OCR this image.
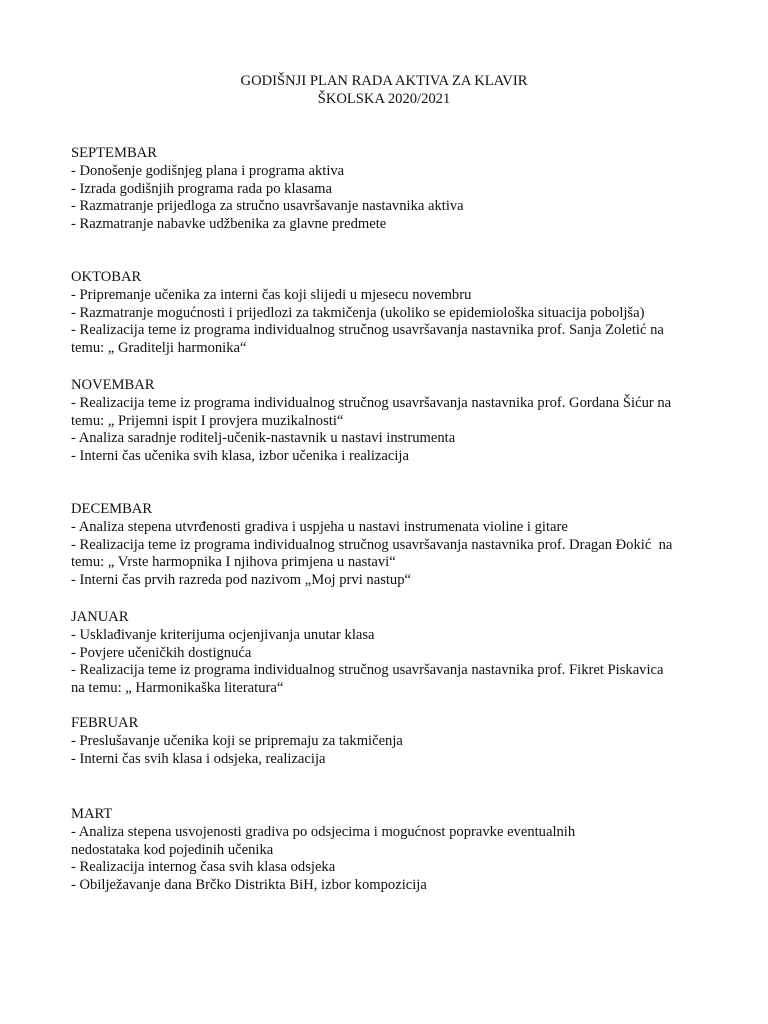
GODIŠNJI PLAN RADA AKTIVA ZA KLAVIR
ŠKOLSKA 2020/2021
SEPTEMBAR
- Donošenje godišnjeg plana i programa aktiva
- Izrada godišnjih programa rada po klasama
- Razmatranje prijedloga za stručno usavršavanje nastavnika aktiva
- Razmatranje nabavke udžbenika za glavne predmete
OKTOBAR
- Pripremanje učenika za interni čas koji slijedi u mjesecu novembru
- Razmatranje mogućnosti i prijedlozi za takmičenja (ukoliko se epidemiološka situacija poboljša)
- Realizacija teme iz programa individualnog stručnog usavršavanja nastavnika prof. Sanja Zoletić na
temu: „ Graditelji harmonika“
NOVEMBAR
- Realizacija teme iz programa individualnog stručnog usavršavanja nastavnika prof. Gordana Šićur na
temu: „ Prijemni ispit I provjera muzikalnosti“
- Analiza saradnje roditelj-učenik-nastavnik u nastavi instrumenta
- Interni čas učenika svih klasa, izbor učenika i realizacija
DECEMBAR
- Analiza stepena utvrđenosti gradiva i uspjeha u nastavi instrumenata violine i gitare
- Realizacija teme iz programa individualnog stručnog usavršavanja nastavnika prof. Dragan Đokić  na
temu: „ Vrste harmopnika I njihova primjena u nastavi“
- Interni čas prvih razreda pod nazivom „Moj prvi nastup“
JANUAR
- Usklađivanje kriterijuma ocjenjivanja unutar klasa
- Povjere učeničkih dostignuća
- Realizacija teme iz programa individualnog stručnog usavršavanja nastavnika prof. Fikret Piskavica
na temu: „ Harmonikaška literatura“
FEBRUAR
- Preslušavanje učenika koji se pripremaju za takmičenja
- Interni čas svih klasa i odsjeka, realizacija
MART
- Analiza stepena usvojenosti gradiva po odsjecima i mogućnost popravke eventualnih
nedostataka kod pojedinih učenika
- Realizacija internog časa svih klasa odsjeka
- Obilježavanje dana Brčko Distrikta BiH, izbor kompozicija
